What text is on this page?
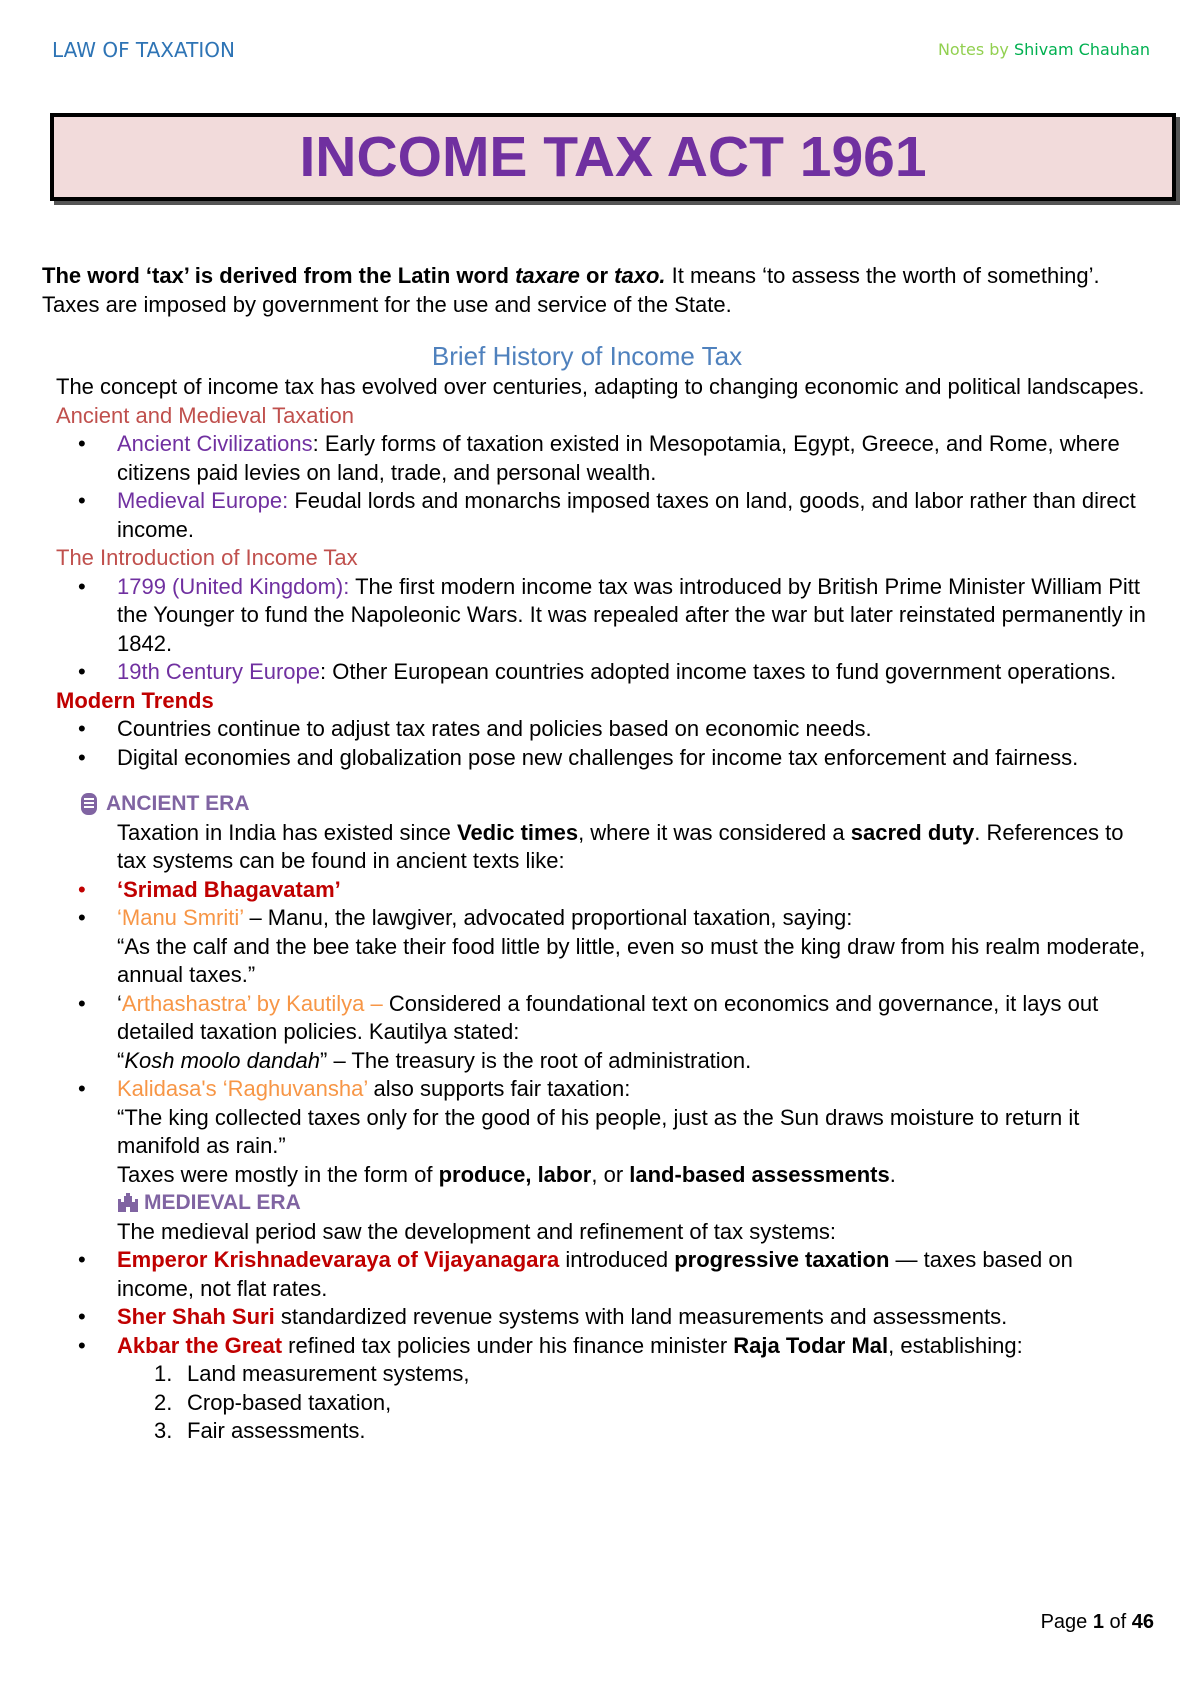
LAW OF TAXATION	Notes by Shivam Chauhan
INCOME TAX ACT 1961

The word ‘tax’ is derived from the Latin word taxare or taxo. It means ‘to assess the worth of something’. Taxes are imposed by government for the use and service of the State.

Brief History of Income Tax

The concept of income tax has evolved over centuries, adapting to changing economic and political landscapes.

Ancient and Medieval Taxation
• Ancient Civilizations: Early forms of taxation existed in Mesopotamia, Egypt, Greece, and Rome, where citizens paid levies on land, trade, and personal wealth.
• Medieval Europe: Feudal lords and monarchs imposed taxes on land, goods, and labor rather than direct income.
The Introduction of Income Tax
• 1799 (United Kingdom): The first modern income tax was introduced by British Prime Minister William Pitt the Younger to fund the Napoleonic Wars. It was repealed after the war but later reinstated permanently in 1842.
• 19th Century Europe: Other European countries adopted income taxes to fund government operations.
Modern Trends
• Countries continue to adjust tax rates and policies based on economic needs.
• Digital economies and globalization pose new challenges for income tax enforcement and fairness.
ANCIENT ERA

Taxation in India has existed since Vedic times, where it was considered a sacred duty. References to tax systems can be found in ancient texts like:

• ‘Srimad Bhagavatam’
• ‘Manu Smriti’ – Manu, the lawgiver, advocated proportional taxation, saying:
“As the calf and the bee take their food little by little, even so must the king draw from his realm moderate, annual taxes.”
• ‘Arthashastra’ by Kautilya – Considered a foundational text on economics and governance, it lays out detailed taxation policies. Kautilya stated:
“Kosh moolo dandah” – The treasury is the root of administration.
• Kalidasa's ‘Raghuvansha’ also supports fair taxation:
“The king collected taxes only for the good of his people, just as the Sun draws moisture to return it manifold as rain.”
Taxes were mostly in the form of produce, labor, or land-based assessments.
MEDIEVAL ERA

The medieval period saw the development and refinement of tax systems:

• Emperor Krishnadevaraya of Vijayanagara introduced progressive taxation — taxes based on income, not flat rates.
• Sher Shah Suri standardized revenue systems with land measurements and assessments.
• Akbar the Great refined tax policies under his finance minister Raja Todar Mal, establishing:
1. Land measurement systems,
2. Crop-based taxation,
3. Fair assessments.
Page 1 of 46
